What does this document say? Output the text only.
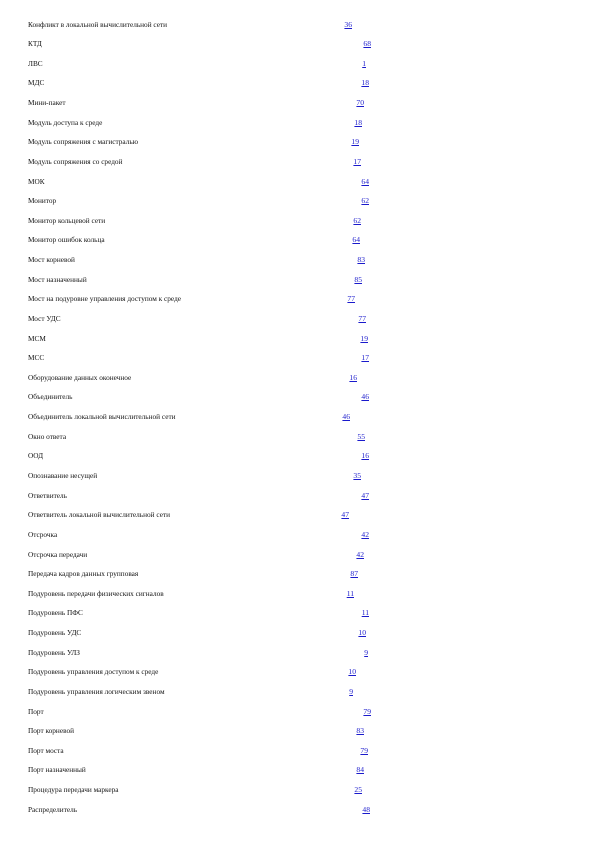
Конфликт в локальной вычислительной сети	36
КТД	68
ЛВС	1
МДС	18
Мини-пакет	70
Модуль доступа к среде	18
Модуль сопряжения с магистралью	19
Модуль сопряжения со средой	17
МОК	64
Монитор	62
Монитор кольцевой сети	62
Монитор ошибок кольца	64
Мост корневой	83
Мост назначенный	85
Мост на подуровне управления доступом к среде	77
Мост УДС	77
МСМ	19
МСС	17
Оборудование данных оконечное	16
Объединитель	46
Объединитель локальной вычислительной сети	46
Окно ответа	55
ООД	16
Опознавание несущей	35
Ответвитель	47
Ответвитель локальной вычислительной сети	47
Отсрочка	42
Отсрочка передачи	42
Передача кадров данных групповая	87
Подуровень передачи физических сигналов	11
Подуровень ПФС	11
Подуровень УДС	10
Подуровень УЛЗ	9
Подуровень управления доступом к среде	10
Подуровень управления логическим звеном	9
Порт	79
Порт корневой	83
Порт моста	79
Порт назначенный	84
Процедура передачи маркера	25
Распределитель	48
